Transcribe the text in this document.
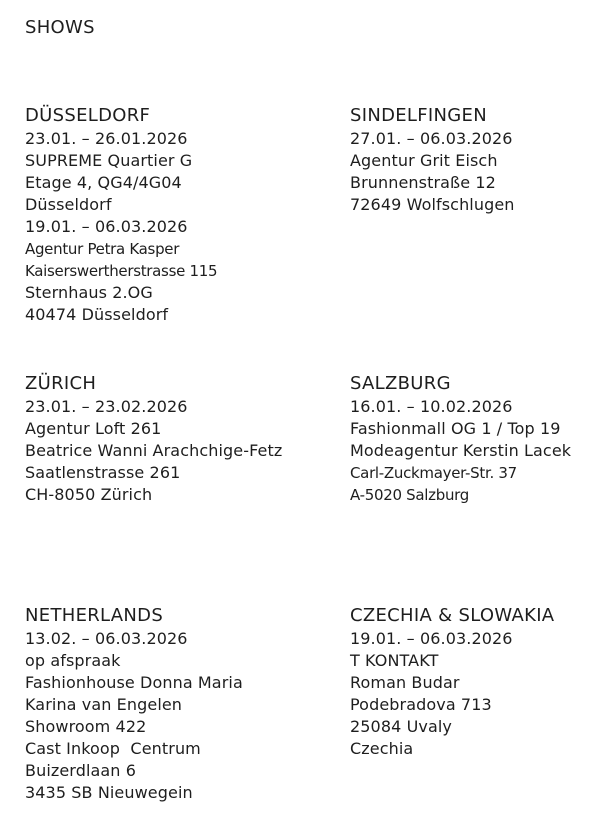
SHOWS
DÜSSELDORF
23.01. – 26.01.2026
SUPREME Quartier G
Etage 4, QG4/4G04
Düsseldorf
19.01. – 06.03.2026
Agentur Petra Kasper
Kaiserswertherstrasse 115
Sternhaus 2.OG
40474 Düsseldorf
SINDELFINGEN
27.01. – 06.03.2026
Agentur Grit Eisch
Brunnenstraße 12
72649 Wolfschlugen
ZÜRICH
23.01. – 23.02.2026
Agentur Loft 261
Beatrice Wanni Arachchige-Fetz
Saatlenstrasse 261
CH-8050 Zürich
SALZBURG
16.01. – 10.02.2026
Fashionmall OG 1 / Top 19
Modeagentur Kerstin Lacek
Carl-Zuckmayer-Str. 37
A-5020 Salzburg
NETHERLANDS
13.02. – 06.03.2026
op afspraak
Fashionhouse Donna Maria
Karina van Engelen
Showroom 422
Cast Inkoop  Centrum
Buizerdlaan 6
3435 SB Nieuwegein
CZECHIA & SLOWAKIA
19.01. – 06.03.2026
T KONTAKT
Roman Budar
Podebradova 713
25084 Uvaly
Czechia
